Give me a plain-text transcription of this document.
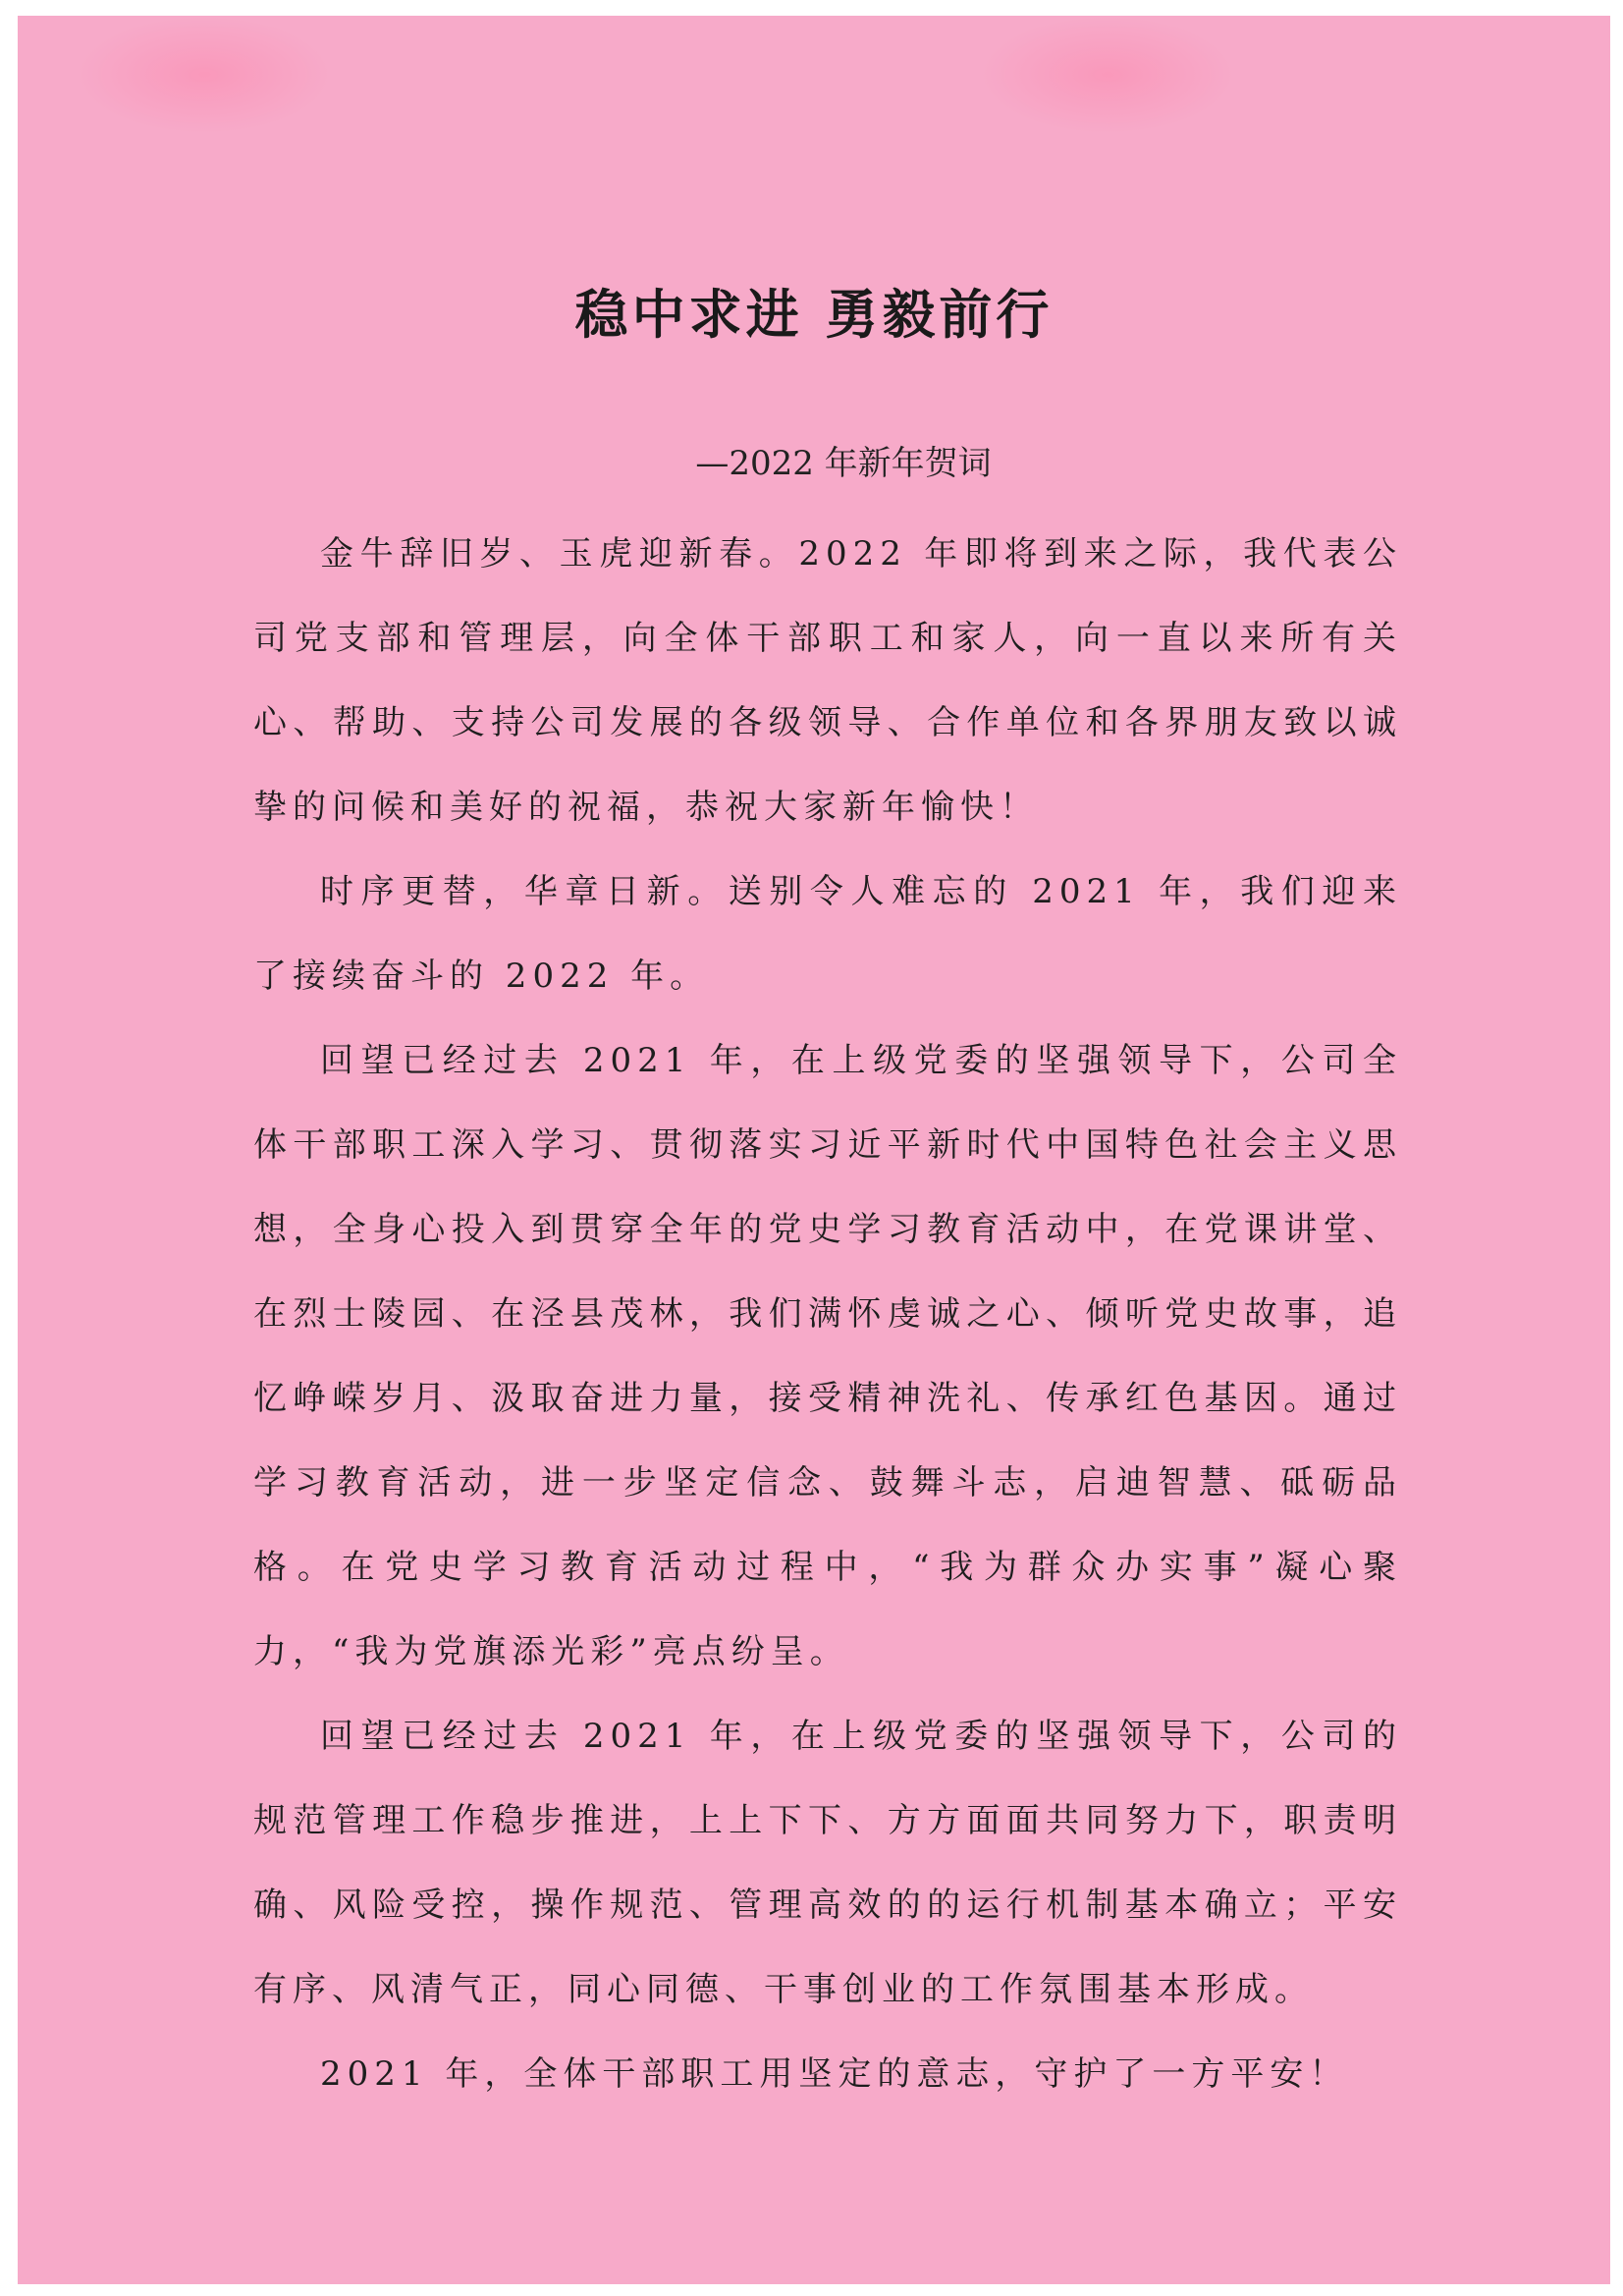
稳中求进 勇毅前行

—2022 年新年贺词

金牛辞旧岁、玉虎迎新春。2022 年即将到来之际，我代表公司党支部和管理层，向全体干部职工和家人，向一直以来所有关心、帮助、支持公司发展的各级领导、合作单位和各界朋友致以诚挚的问候和美好的祝福，恭祝大家新年愉快！

时序更替，华章日新。送别令人难忘的 2021 年，我们迎来了接续奋斗的 2022 年。

回望已经过去 2021 年，在上级党委的坚强领导下，公司全体干部职工深入学习、贯彻落实习近平新时代中国特色社会主义思想，全身心投入到贯穿全年的党史学习教育活动中，在党课讲堂、在烈士陵园、在泾县茂林，我们满怀虔诚之心、倾听党史故事，追忆峥嵘岁月、汲取奋进力量，接受精神洗礼、传承红色基因。通过学习教育活动，进一步坚定信念、鼓舞斗志，启迪智慧、砥砺品格。在党史学习教育活动过程中，“我为群众办实事”凝心聚力，“我为党旗添光彩”亮点纷呈。

回望已经过去 2021 年，在上级党委的坚强领导下，公司的规范管理工作稳步推进，上上下下、方方面面共同努力下，职责明确、风险受控，操作规范、管理高效的的运行机制基本确立；平安有序、风清气正，同心同德、干事创业的工作氛围基本形成。

2021 年，全体干部职工用坚定的意志，守护了一方平安！
